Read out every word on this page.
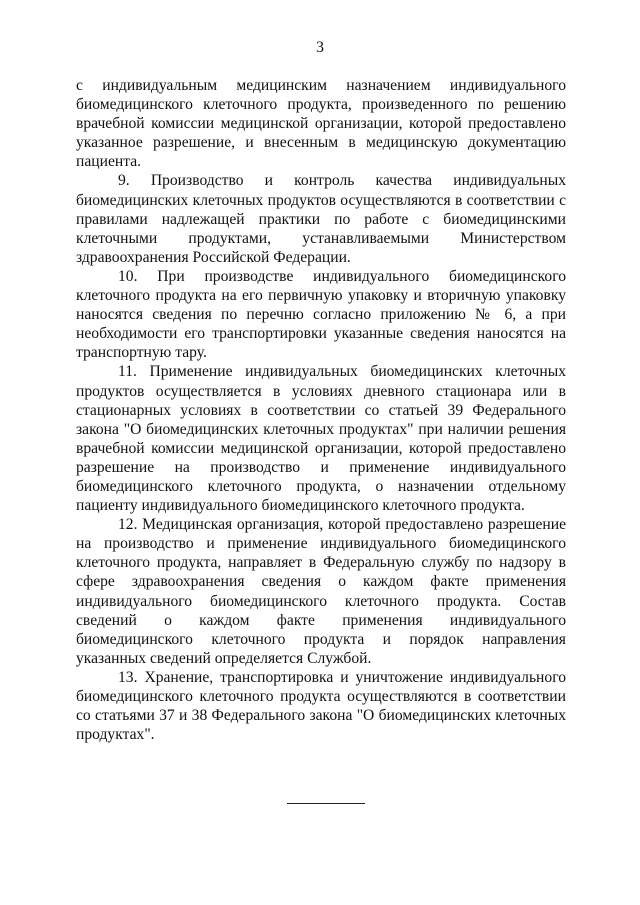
3

с индивидуальным медицинским назначением индивидуального биомедицинского клеточного продукта, произведенного по решению врачебной комиссии медицинской организации, которой предоставлено указанное разрешение, и внесенным в медицинскую документацию пациента.

9. Производство и контроль качества индивидуальных биомедицинских клеточных продуктов осуществляются в соответствии с правилами надлежащей практики по работе с биомедицинскими клеточными продуктами, устанавливаемыми Министерством здравоохранения Российской Федерации.

10. При производстве индивидуального биомедицинского клеточного продукта на его первичную упаковку и вторичную упаковку наносятся сведения по перечню согласно приложению № 6, а при необходимости его транспортировки указанные сведения наносятся на транспортную тару.

11. Применение индивидуальных биомедицинских клеточных продуктов осуществляется в условиях дневного стационара или в стационарных условиях в соответствии со статьей 39 Федерального закона "О биомедицинских клеточных продуктах" при наличии решения врачебной комиссии медицинской организации, которой предоставлено разрешение на производство и применение индивидуального биомедицинского клеточного продукта, о назначении отдельному пациенту индивидуального биомедицинского клеточного продукта.

12. Медицинская организация, которой предоставлено разрешение на производство и применение индивидуального биомедицинского клеточного продукта, направляет в Федеральную службу по надзору в сфере здравоохранения сведения о каждом факте применения индивидуального биомедицинского клеточного продукта. Состав сведений о каждом факте применения индивидуального биомедицинского клеточного продукта и порядок направления указанных сведений определяется Службой.

13. Хранение, транспортировка и уничтожение индивидуального биомедицинского клеточного продукта осуществляются в соответствии со статьями 37 и 38 Федерального закона "О биомедицинских клеточных продуктах".
